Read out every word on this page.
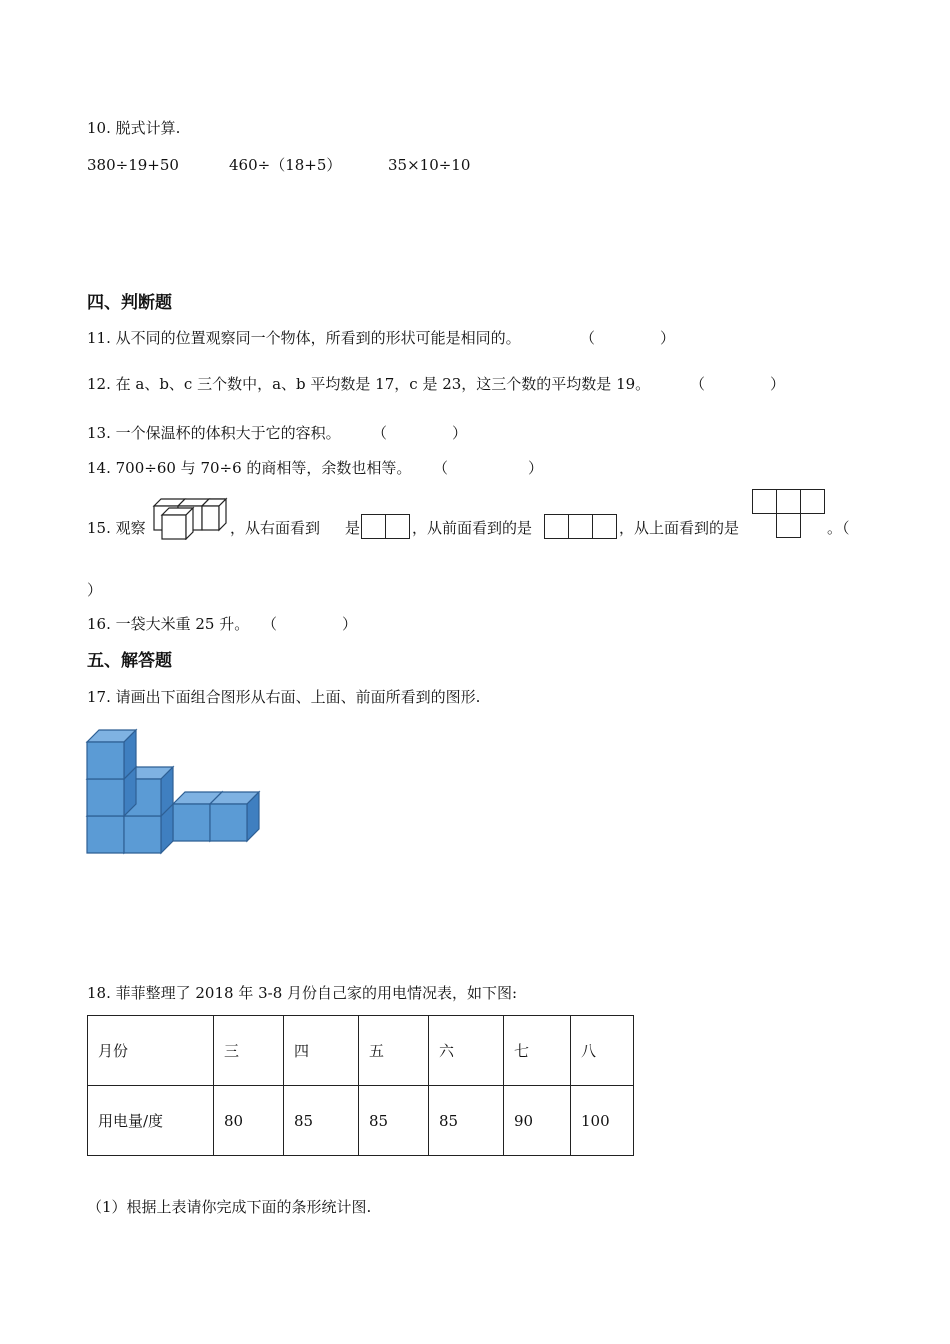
10. 脱式计算.
380÷19+50	460÷（18+5）	35×10÷10
四、判断题
11. 从不同的位置观察同一个物体，所看到的形状可能是相同的。	（	）
12. 在 a、b、c 三个数中，a、b 平均数是 17，c 是 23，这三个数的平均数是 19。	（	）
13. 一个保温杯的体积大于它的容积。 （	）
14. 700÷60 与 70÷6 的商相等，余数也相等。 （	）
15. 观察	，从右面看到 是	，从前面看到的是	，从上面看到的是	。（
）
16. 一袋大米重 25 升。 （	）
五、解答题
17. 请画出下面组合图形从右面、上面、前面所看到的图形.
18. 菲菲整理了 2018 年 3-8 月份自己家的用电情况表，如下图:
月份	三	四	五	六	七	八
用电量/度	80	85	85	85	90	100
（1）根据上表请你完成下面的条形统计图.
